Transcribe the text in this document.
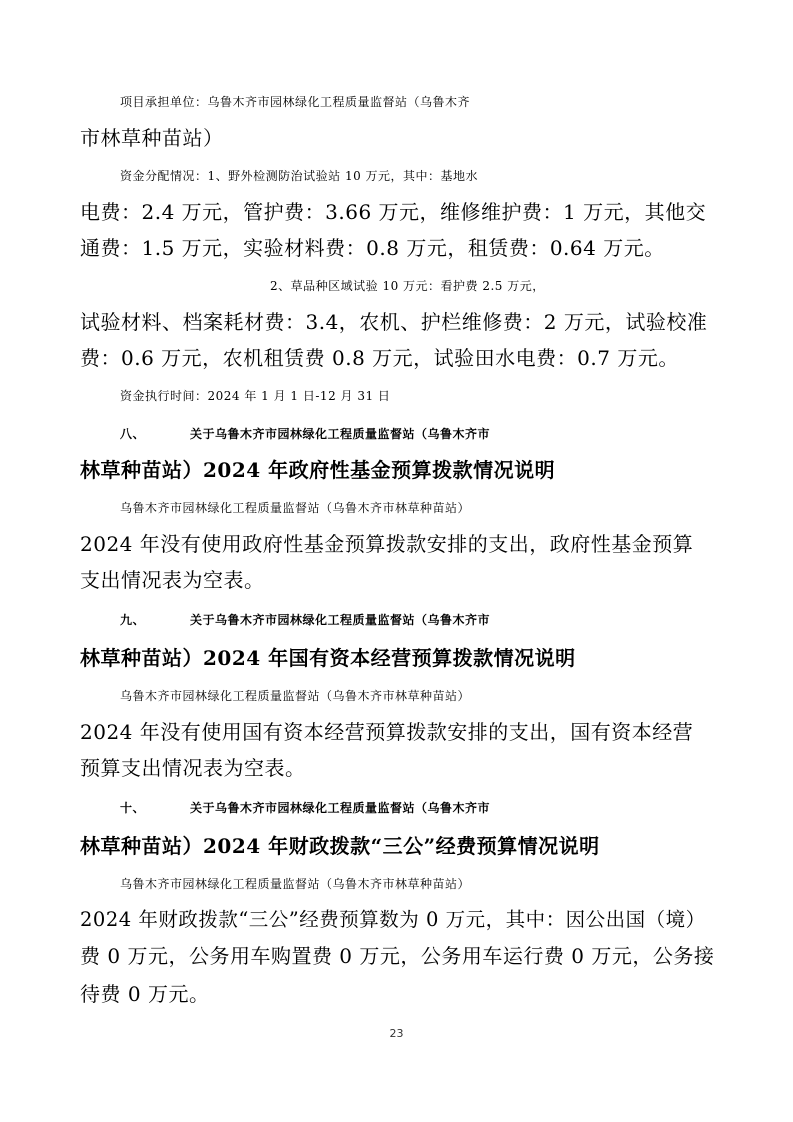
项目承担单位：乌鲁木齐市园林绿化工程质量监督站（乌鲁木齐
市林草种苗站）
资金分配情况：1、野外检测防治试验站 10 万元，其中：基地水
电费：2.4 万元，管护费：3.66 万元，维修维护费：1 万元，其他交
通费：1.5 万元，实验材料费：0.8 万元，租赁费：0.64 万元。
2、草品种区域试验 10 万元：看护费 2.5 万元，
试验材料、档案耗材费：3.4，农机、护栏维修费：2 万元，试验校准
费：0.6 万元，农机租赁费 0.8 万元，试验田水电费：0.7 万元。
资金执行时间：2024 年 1 月 1 日-12 月 31 日
八、	关于乌鲁木齐市园林绿化工程质量监督站（乌鲁木齐市
林草种苗站）2024 年政府性基金预算拨款情况说明
乌鲁木齐市园林绿化工程质量监督站（乌鲁木齐市林草种苗站）
2024 年没有使用政府性基金预算拨款安排的支出，政府性基金预算
支出情况表为空表。
九、	关于乌鲁木齐市园林绿化工程质量监督站（乌鲁木齐市
林草种苗站）2024 年国有资本经营预算拨款情况说明
乌鲁木齐市园林绿化工程质量监督站（乌鲁木齐市林草种苗站）
2024 年没有使用国有资本经营预算拨款安排的支出，国有资本经营
预算支出情况表为空表。
十、	关于乌鲁木齐市园林绿化工程质量监督站（乌鲁木齐市
林草种苗站）2024 年财政拨款“三公”经费预算情况说明
乌鲁木齐市园林绿化工程质量监督站（乌鲁木齐市林草种苗站）
2024 年财政拨款“三公”经费预算数为 0 万元，其中：因公出国（境）
费 0 万元，公务用车购置费 0 万元，公务用车运行费 0 万元，公务接
待费 0 万元。
23
